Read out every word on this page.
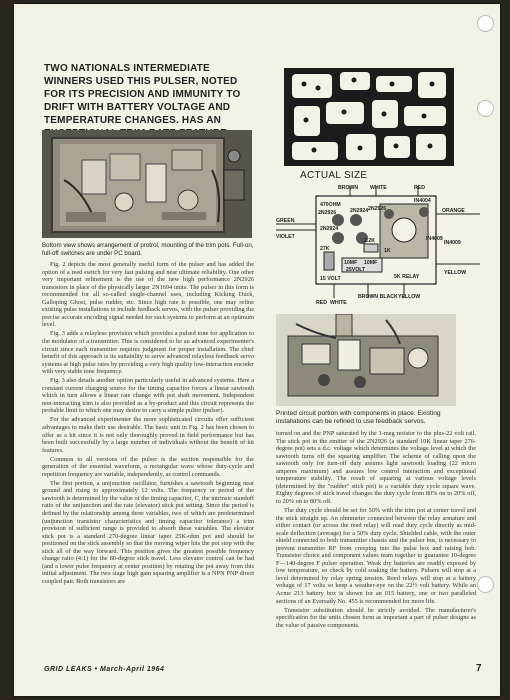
TWO NATIONALS INTERMEDIATE WINNERS USED THIS PULSER, NOTED FOR ITS PRECISION AND IMMUNITY TO DRIFT WITH BATTERY VOLTAGE AND TEMPERATURE CHANGES. HAS AN
Bottom view shows arrangement of protrol, mounting of the trim pots. Full-on, full-off switches are under PC board.

Fig. 2 depicts the most generally useful form of the pulser and has added the option of a reed switch for very fast pulsing and near ultimate reliability. One other very important refinement is the use of the new high performance 2N2926 transistors in place of the physically larger 2N1694 units. The pulser in this form is recommended for all so-called single-channel uses, including Kicking Duck, Galloping Ghost, pulse rudder, etc. Since high rate is possible, one may refine existing pulse installations to include feedback servos, with the pulser providing the precise accurate encoding signal needed for such systems to perform at an optimum level.

Fig. 3 adds a relayless provision which provides a pulsed tone for application to the modulator of a transmitter. This is considered to be an advanced experimenter's circuit since each transmitter requires judgment for proper installation. The chief benefit of this approach is its suitability to serve advanced relayless feedback servo systems at high pulse rates by providing a very high quality low-interaction encoder with very stable tone frequency.

Fig. 3 also details another option particularly useful in advanced systems. Here a constant current charging source for the timing capacitor forces a linear sawtooth which in turn allows a linear rate change with pot shaft movement. Independent non-interacting trim is also provided as a by-product and this circuit represents the probable limit to which one may desire to carry a simple pulser (pulser).

For the advanced experimenter the more sophisticated circuits offer sufficient advantages to make their use desirable. The basic unit in Fig. 2 has been chosen to offer as a kit since it is not only thoroughly proved in field performance but has been built successfully by a large number of individuals without the benefit of kit features.

Common to all versions of the pulser is the section responsible for the generation of the essential waveform, a rectangular wave whose duty-cycle and repetition frequency are variable, independently, as control commands.

The first portion, a unijunction oscillator, furnishes a sawtooth beginning near ground and rising to approximately 12 volts. The frequency or period of the sawtooth is determined by the value of the timing capacitor, C, the intrinsic standoff ratio of the unijunction and the rate (elevator) stick pot setting. Since the period is defined by the relationship among three variables, two of which are predetermined (unijunction transistor characteristics and timing capacitor tolerance) a trim provision of sufficient range is provided to absorb these variables. The elevator stick pot is a standard 270-degree linear taper 25K-ohm pot and should be positioned on the stick assembly so that the moving wiper hits the pot stop with the stick all of the way forward. This position gives the greatest possible frequency change ratio (4:1) for the 80-degree stick travel. Less elevator control can be had (and a lower pulse frequency at center position) by rotating the pot away from this initial adjustment. The two stage high gain squaring amplifier is a NPN PNP direct coupled pair. Both transistors are

ACTUAL SIZE
BROWN WHITE	RED
GREEN
VIOLET
ORANGE
IN4004
IN4009
YELLOW
IN4009
470OHM
2N2926	2N2924
2N2924
2N2926
1K
2.2K
27K
10MF
25VOLT
10MF
15 VOLT	5K RELAY
RED WHITE
BROWN BLACK YELLOW
Printed circuit portion with components in place. Existing installations can be refined to use feedback servos.

turned on and the PNP saturated by the 1-meg resistor to the plus-22 volt rail. The stick pot in the emitter of the 2N2926 (a standard 10K linear taper 276-degree pot) sets a d.c. voltage which determines the voltage level at which the sawtooth turns off the squaring amplifier. The scheme of calling upon the sawtooth only for turn-off duty assures light sawtooth loading (22 micro amperes maximum) and assures low control interaction and exceptional temperature stability. The result of squaring at various voltage levels (determined by the "rudder" stick pot) is a variable duty cycle square wave. Eighty degrees of stick travel changes the duty cycle from 80% on to 20% off, to 20% on to 80% off.

The duty cycle should be set for 50% with the trim pot at center travel and the stick straight up. An ohmmeter connected between the relay armature and either contact (or across the reed relay) will read duty cycle directly as mid-scale deflection (average) for a 50% duty cycle. Shielded cable, with the outer shield connected to both transmitter chassis and the pulser bus, is necessary to prevent transmitter RF from creeping into the pulse box and raising hob. Transistor choice and component values team together to guarantee 10-degree F—140-degree F pulser operation. Weak dry batteries are readily exposed by low temperature, so check by cold soaking the battery. Pulsers will stop at a level determined by relay spring tension. Reed relays will stop at a battery voltage of 17 volts so keep a weather-eye on the 22½ volt battery. While an Acme 213 battery box is shown for an 015 battery, one or two paralleled sections of an Eveready No. 455 is recommended for more life.

Transistor substitution should be strictly avoided. The manufacturer's specification for the units chosen form as important a part of pulser designs as the value of passive components.

GRID LEAKS • March-April 1964	7
